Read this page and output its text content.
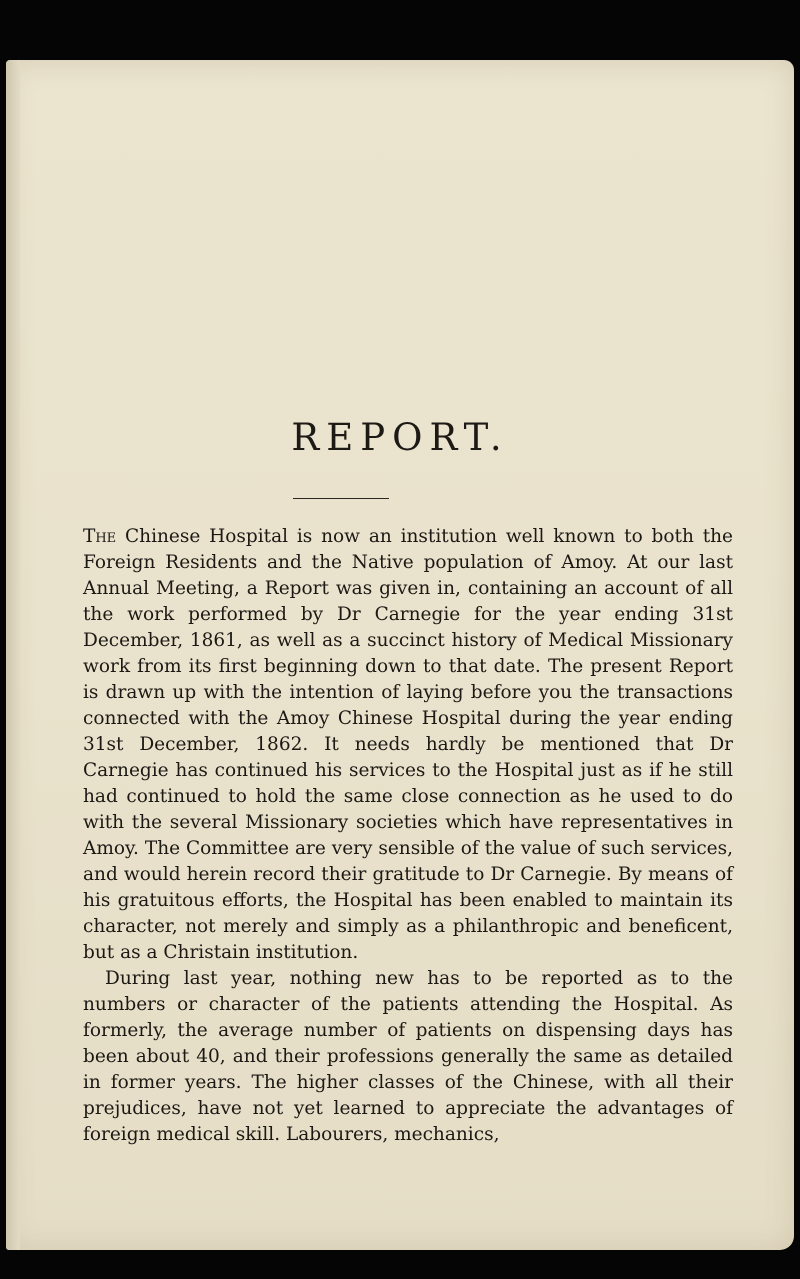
REPORT.

The Chinese Hospital is now an institution well known to both the Foreign Residents and the Native population of Amoy. At our last Annual Meeting, a Report was given in, containing an account of all the work performed by Dr Carnegie for the year ending 31st December, 1861, as well as a succinct history of Medical Missionary work from its first beginning down to that date. The present Report is drawn up with the intention of laying before you the transactions connected with the Amoy Chinese Hospital during the year ending 31st December, 1862. It needs hardly be mentioned that Dr Carnegie has continued his services to the Hospital just as if he still had continued to hold the same close connection as he used to do with the several Missionary societies which have representatives in Amoy. The Committee are very sensible of the value of such services, and would herein record their gratitude to Dr Carnegie. By means of his gratuitous efforts, the Hospital has been enabled to maintain its character, not merely and simply as a philanthropic and beneficent, but as a Christain institution.

During last year, nothing new has to be reported as to the numbers or character of the patients attending the Hospital. As formerly, the average number of patients on dispensing days has been about 40, and their professions generally the same as detailed in former years. The higher classes of the Chinese, with all their prejudices, have not yet learned to appreciate the advantages of foreign medical skill. Labourers, mechanics,
